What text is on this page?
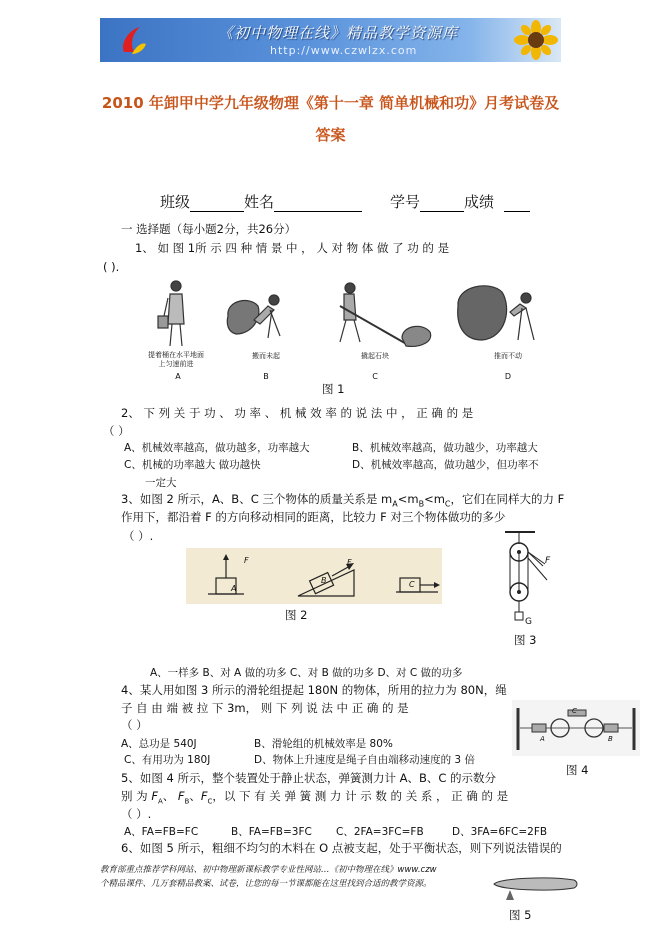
《初中物理在线》精品教学资源库
http://www.czwlzx.com
2010 年卸甲中学九年级物理《第十一章 简单机械和功》月考试卷及
答案
班级	姓名	学号	成绩
一 选择题（每小题2分，共26分）
1、 如 图 1所 示 四 种 情 景 中 ， 人 对 物 体 做 了 功 的 是
( ).
提着桶在水平地面
上匀速前进
A
搬而未起
B
撬起石块
C
推而不动
D
图 1
2、 下 列 关 于 功 、 功 率 、 机 械 效 率 的 说 法 中 ， 正 确 的 是
（ ）
A、机械效率越高，做功越多，功率越大	B、机械效率越高，做功越少，功率越大
C、机械的功率越大 做功越快	D、机械效率越高，做功越少，但功率不
一定大
3、如图 2 所示，A、B、C 三个物体的质量关系是 $m_A<m_B<m_C$，它们在同样大的力 F
作用下，都沿着 F 的方向移动相同的距离，比较力 F 对三个物体做功的多少
（ ）.
A
F
B
F
C
图 2
F
G
图 3
A、一样多 B、对 A 做的功多 C、对 B 做的功多 D、对 C 做的功多
4、某人用如图 3 所示的滑轮组提起 180N 的物体，所用的拉力为 80N，绳
子 自 由 端 被 拉 下 3m， 则 下 列 说 法 中 正 确 的 是
（ ）
A、总功是 540J	B、滑轮组的机械效率是 80%
C、有用功为 180J	D、物体上升速度是绳子自由端移动速度的 3 倍
A	B
C
图 4
5、如图 4 所示，整个装置处于静止状态，弹簧测力计 A、B、C 的示数分
别 为 $F_A$、 $F_B$、$F_C$，以 下 有 关 弹 簧 测 力 计 示 数 的 关 系 ， 正 确 的 是
（ ）.
A、FA=FB=FC	B、FA=FB=3FC C、2FA=3FC=FB	D、3FA=6FC=2FB
6、如图 5 所示，粗细不均匀的木料在 O 点被支起，处于平衡状态，则下列说法错误的
教育部重点推荐学科网站、初中物理新课标教学专业性网站…《初中物理在线》www.czw
个精品课件、几万套精品教案、试卷，让您的每一节课都能在这里找到合适的教学资源。
图 5
